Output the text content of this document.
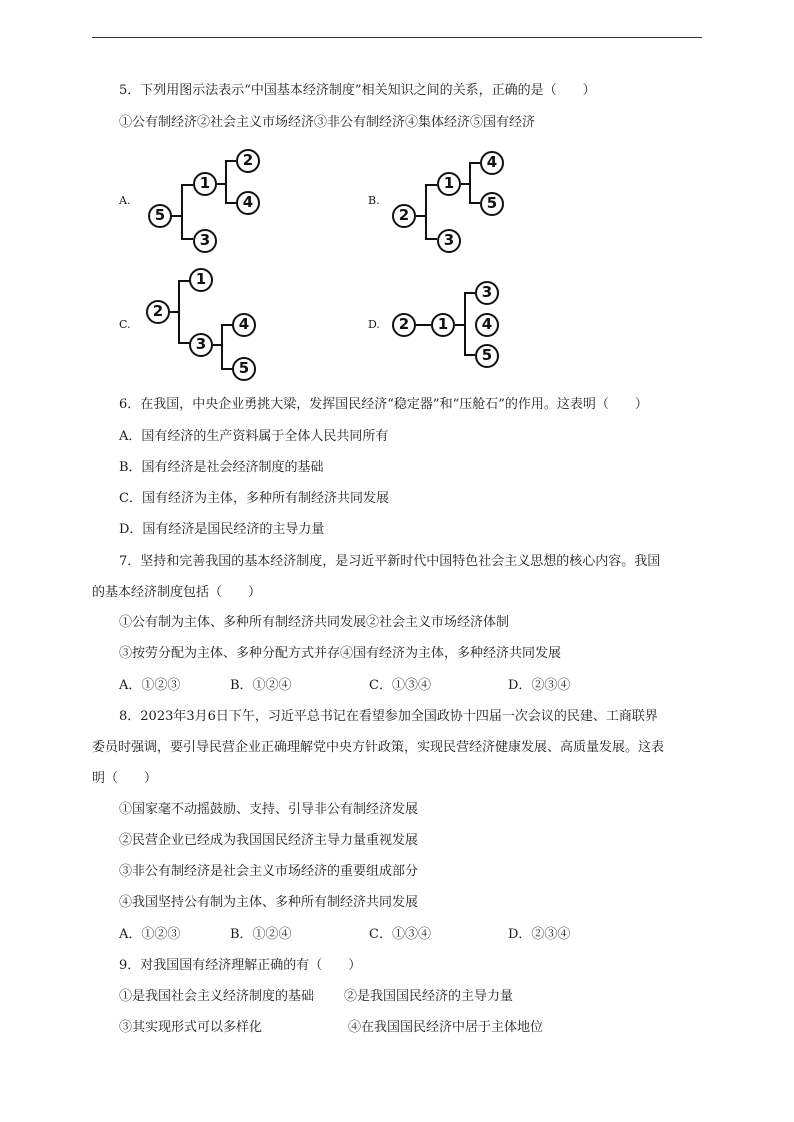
5．下列用图示法表示“中国基本经济制度”相关知识之间的关系，正确的是（　　）
①公有制经济②社会主义市场经济③非公有制经济④集体经济⑤国有经济
A.
5
1
3
2
4	B.
2
1
3
4
5
C.
2
1
3
4
5
D.	2	1
3
4
5
6．在我国，中央企业勇挑大梁，发挥国民经济“稳定器”和“压舱石”的作用。这表明（　　）
A．国有经济的生产资料属于全体人民共同所有
B．国有经济是社会经济制度的基础
C．国有经济为主体，多种所有制经济共同发展
D．国有经济是国民经济的主导力量
7．坚持和完善我国的基本经济制度，是习近平新时代中国特色社会主义思想的核心内容。我国
的基本经济制度包括（　　）
①公有制为主体、多种所有制经济共同发展②社会主义市场经济体制
③按劳分配为主体、多种分配方式并存④国有经济为主体，多种经济共同发展
A．①②③	B．①②④	C．①③④	D．②③④
8．2023年3月6日下午，习近平总书记在看望参加全国政协十四届一次会议的民建、工商联界
委员时强调，要引导民营企业正确理解党中央方针政策，实现民营经济健康发展、高质量发展。这表
明（　　）
①国家毫不动摇鼓励、支持、引导非公有制经济发展
②民营企业已经成为我国国民经济主导力量重视发展
③非公有制经济是社会主义市场经济的重要组成部分
④我国坚持公有制为主体、多种所有制经济共同发展
A．①②③	B．①②④	C．①③④	D．②③④
9．对我国国有经济理解正确的有（　　）
①是我国社会主义经济制度的基础 ②是我国国民经济的主导力量
③其实现形式可以多样化	④在我国国民经济中居于主体地位
